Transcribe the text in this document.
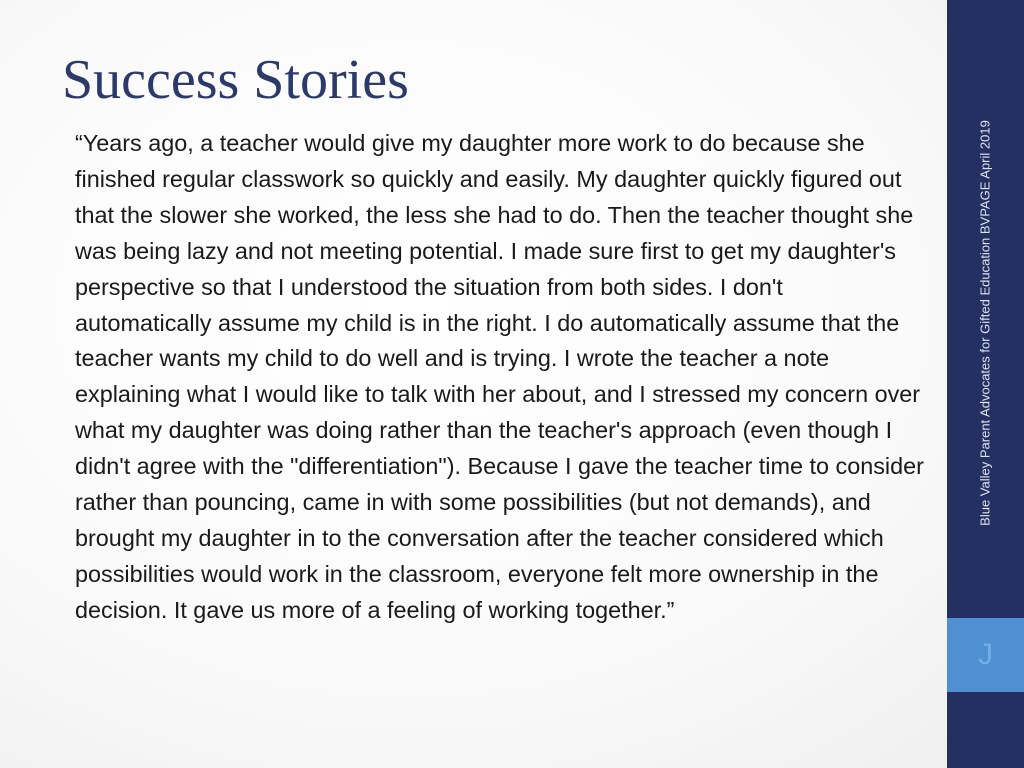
Success Stories

“Years ago, a teacher would give my daughter more work to do because she finished regular classwork so quickly and easily. My daughter quickly figured out that the slower she worked, the less she had to do. Then the teacher thought she was being lazy and not meeting potential. I made sure first to get my daughter's perspective so that I understood the situation from both sides. I don't automatically assume my child is in the right. I do automatically assume that the teacher wants my child to do well and is trying. I wrote the teacher a note explaining what I would like to talk with her about, and I stressed my concern over what my daughter was doing rather than the teacher's approach (even though I didn't agree with the "differentiation"). Because I gave the teacher time to consider rather than pouncing, came in with some possibilities (but not demands), and brought my daughter in to the conversation after the teacher considered which possibilities would work in the classroom, everyone felt more ownership in the decision. It gave us more of a feeling of working together.”

Blue Valley Parent Advocates for Gifted Education BVPAGE April 2019
J
